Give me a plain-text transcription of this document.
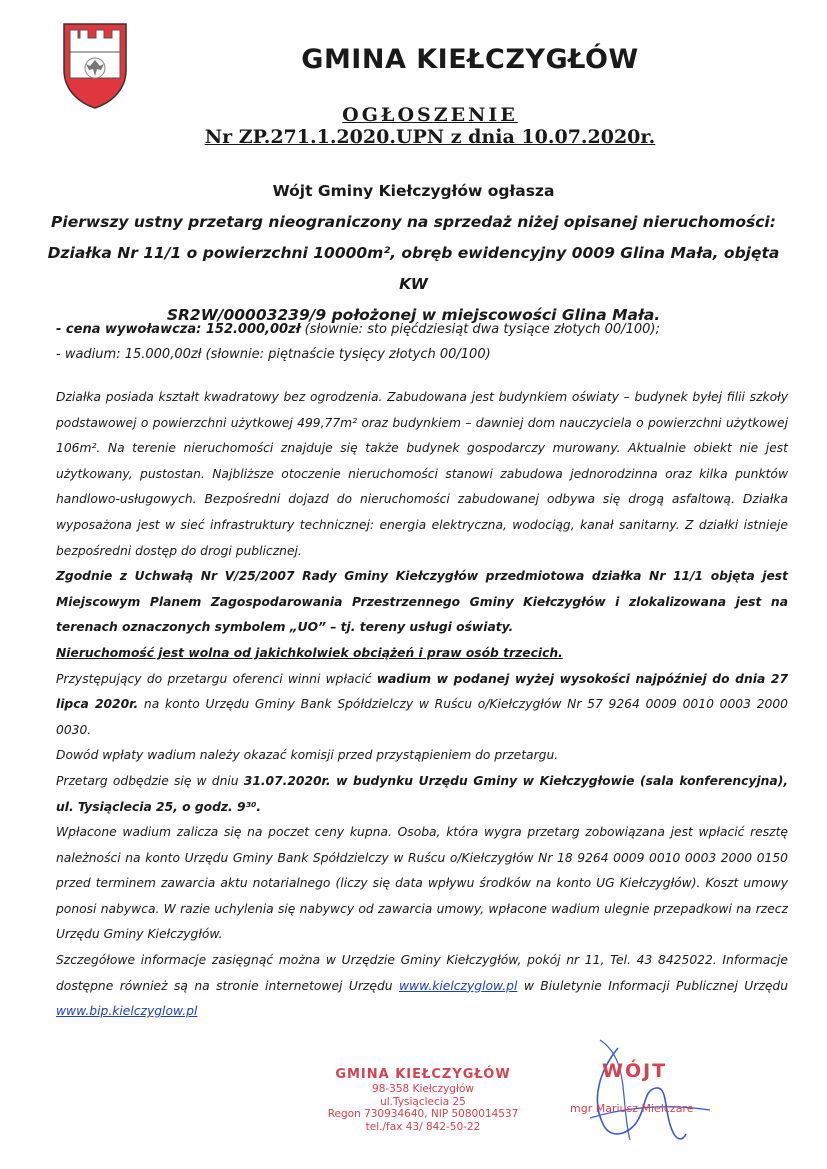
GMINA KIEŁCZYGŁÓW
OGŁOSZENIE
Nr ZP.271.1.2020.UPN z dnia 10.07.2020r.
Wójt Gminy Kiełczygłów ogłasza
Pierwszy ustny przetarg nieograniczony na sprzedaż niżej opisanej nieruchomości:
Działka Nr 11/1 o powierzchni 10000m², obręb ewidencyjny 0009 Glina Mała, objęta KW
SR2W/00003239/9 położonej w miejscowości Glina Mała.
- cena wywoławcza: 152.000,00zł (słownie: sto pięćdziesiąt dwa tysiące złotych 00/100);
- wadium: 15.000,00zł (słownie: piętnaście tysięcy złotych 00/100)

Działka posiada kształt kwadratowy bez ogrodzenia. Zabudowana jest budynkiem oświaty – budynek byłej filii szkoły podstawowej o powierzchni użytkowej 499,77m² oraz budynkiem – dawniej dom nauczyciela o powierzchni użytkowej 106m². Na terenie nieruchomości znajduje się także budynek gospodarczy murowany. Aktualnie obiekt nie jest użytkowany, pustostan. Najbliższe otoczenie nieruchomości stanowi zabudowa jednorodzinna oraz kilka punktów handlowo-usługowych. Bezpośredni dojazd do nieruchomości zabudowanej odbywa się drogą asfaltową. Działka wyposażona jest w sieć infrastruktury technicznej: energia elektryczna, wodociąg, kanał sanitarny. Z działki istnieje bezpośredni dostęp do drogi publicznej.

Zgodnie z Uchwałą Nr V/25/2007 Rady Gminy Kiełczygłów przedmiotowa działka Nr 11/1 objęta jest Miejscowym Planem Zagospodarowania Przestrzennego Gminy Kiełczygłów i zlokalizowana jest na terenach oznaczonych symbolem „UO” – tj. tereny usługi oświaty.

Nieruchomość jest wolna od jakichkolwiek obciążeń i praw osób trzecich.

Przystępujący do przetargu oferenci winni wpłacić wadium w podanej wyżej wysokości najpóźniej do dnia 27 lipca 2020r. na konto Urzędu Gminy Bank Spółdzielczy w Ruścu o/Kiełczygłów Nr 57 9264 0009 0010 0003 2000 0030.

Dowód wpłaty wadium należy okazać komisji przed przystąpieniem do przetargu.

Przetarg odbędzie się w dniu 31.07.2020r. w budynku Urzędu Gminy w Kiełczygłowie (sala konferencyjna), ul. Tysiąclecia 25, o godz. 9³⁰.

Wpłacone wadium zalicza się na poczet ceny kupna. Osoba, która wygra przetarg zobowiązana jest wpłacić resztę należności na konto Urzędu Gminy Bank Spółdzielczy w Ruścu o/Kiełczygłów Nr 18 9264 0009 0010 0003 2000 0150 przed terminem zawarcia aktu notarialnego (liczy się data wpływu środków na konto UG Kiełczygłów). Koszt umowy ponosi nabywca. W razie uchylenia się nabywcy od zawarcia umowy, wpłacone wadium ulegnie przepadkowi na rzecz Urzędu Gminy Kiełczygłów.

Szczegółowe informacje zasięgnąć można w Urzędzie Gminy Kiełczygłów, pokój nr 11, Tel. 43 8425022. Informacje dostępne również są na stronie internetowej Urzędu www.kielczyglow.pl w Biuletynie Informacji Publicznej Urzędu www.bip.kielczyglow.pl

GMINA KIEŁCZYGŁÓW
98-358 Kiełczygłów
ul.Tysiąclecia 25
Regon 730934640, NIP 5080014537
tel./fax 43/ 842-50-22
WÓJT
mgr Mariusz Mielczare
